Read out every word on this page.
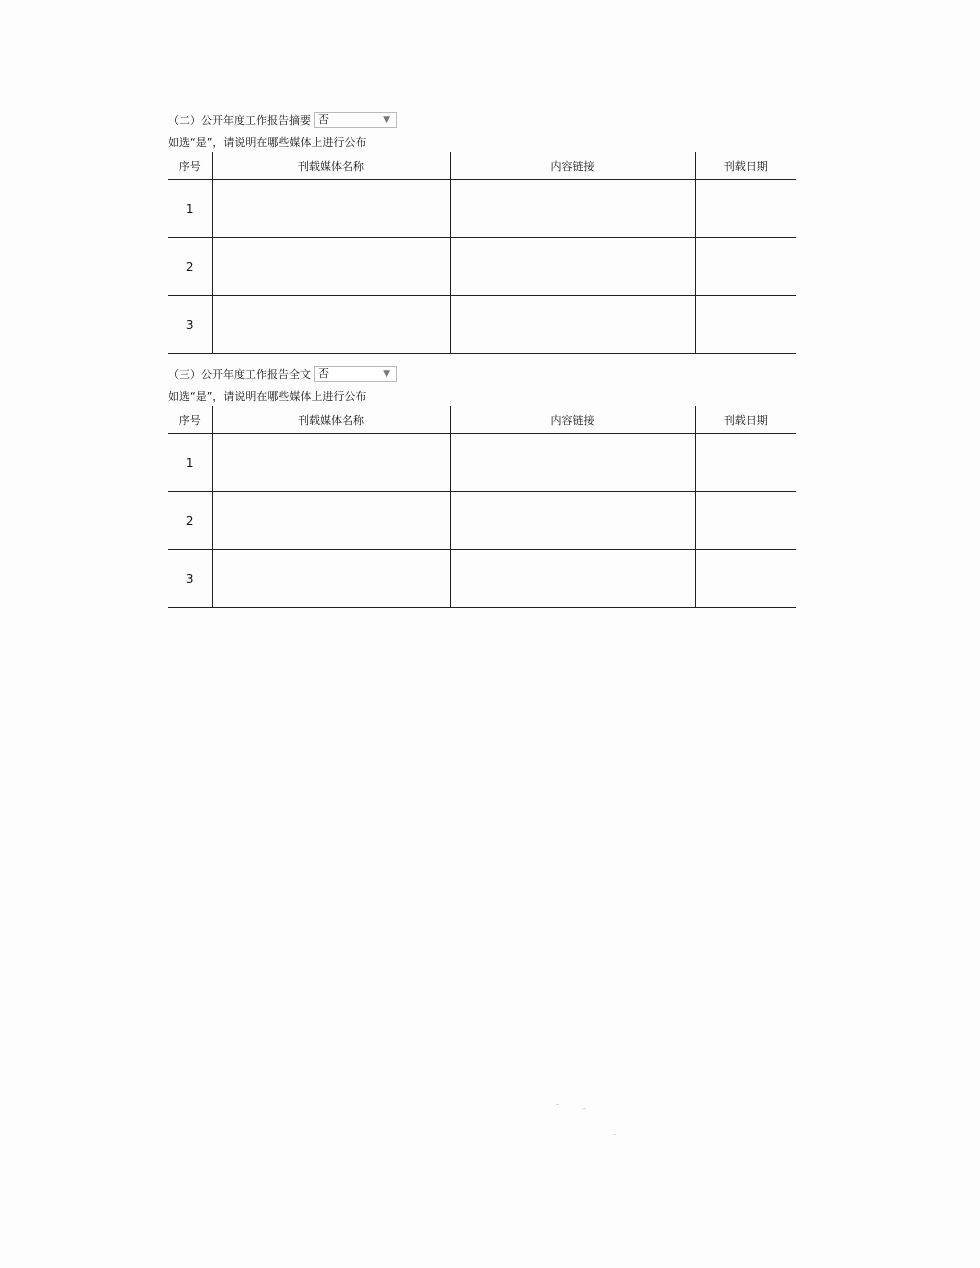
（二）公开年度工作报告摘要 否	▼
如选“是”，请说明在哪些媒体上进行公布
序号	刊载媒体名称	内容链接	刊载日期
1			
2			
3			
（三）公开年度工作报告全文 否	▼
如选“是”，请说明在哪些媒体上进行公布
序号	刊载媒体名称	内容链接	刊载日期
1			
2			
3			
